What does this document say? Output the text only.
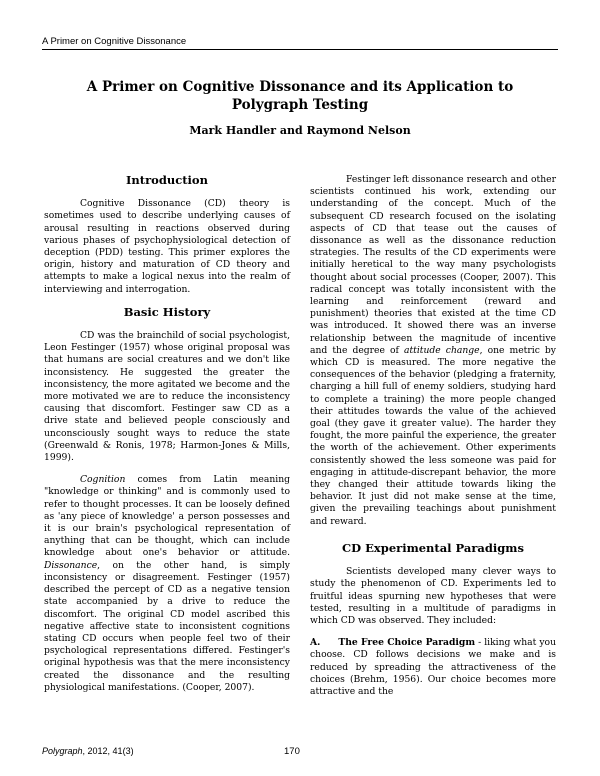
A Primer on Cognitive Dissonance
A Primer on Cognitive Dissonance and its Application to Polygraph Testing
Mark Handler and Raymond Nelson
Introduction

Cognitive Dissonance (CD) theory is sometimes used to describe underlying causes of arousal resulting in reactions observed during various phases of psychophysiological detection of deception (PDD) testing. This primer explores the origin, history and maturation of CD theory and attempts to make a logical nexus into the realm of interviewing and interrogation.

Basic History

CD was the brainchild of social psychologist, Leon Festinger (1957) whose original proposal was that humans are social creatures and we don't like inconsistency. He suggested the greater the inconsistency, the more agitated we become and the more motivated we are to reduce the inconsistency causing that discomfort. Festinger saw CD as a drive state and believed people consciously and unconsciously sought ways to reduce the state (Greenwald & Ronis, 1978; Harmon-Jones & Mills, 1999).

Cognition comes from Latin meaning "knowledge or thinking" and is commonly used to refer to thought processes. It can be loosely defined as 'any piece of knowledge' a person possesses and it is our brain's psychological representation of anything that can be thought, which can include knowledge about one's behavior or attitude. Dissonance, on the other hand, is simply inconsistency or disagreement. Festinger (1957) described the percept of CD as a negative tension state accompanied by a drive to reduce the discomfort. The original CD model ascribed this negative affective state to inconsistent cognitions stating CD occurs when people feel two of their psychological representations differed. Festinger's original hypothesis was that the mere inconsistency created the dissonance and the resulting physiological manifestations. (Cooper, 2007).

Festinger left dissonance research and other scientists continued his work, extending our understanding of the concept. Much of the subsequent CD research focused on the isolating aspects of CD that tease out the causes of dissonance as well as the dissonance reduction strategies. The results of the CD experiments were initially heretical to the way many psychologists thought about social processes (Cooper, 2007). This radical concept was totally inconsistent with the learning and reinforcement (reward and punishment) theories that existed at the time CD was introduced. It showed there was an inverse relationship between the magnitude of incentive and the degree of attitude change, one metric by which CD is measured. The more negative the consequences of the behavior (pledging a fraternity, charging a hill full of enemy soldiers, studying hard to complete a training) the more people changed their attitudes towards the value of the achieved goal (they gave it greater value). The harder they fought, the more painful the experience, the greater the worth of the achievement. Other experiments consistently showed the less someone was paid for engaging in attitude-discrepant behavior, the more they changed their attitude towards liking the behavior. It just did not make sense at the time, given the prevailing teachings about punishment and reward.

CD Experimental Paradigms

Scientists developed many clever ways to study the phenomenon of CD. Experiments led to fruitful ideas spurning new hypotheses that were tested, resulting in a multitude of paradigms in which CD was observed. They included:

A. The Free Choice Paradigm - liking what you choose. CD follows decisions we make and is reduced by spreading the attractiveness of the choices (Brehm, 1956). Our choice becomes more attractive and the

Polygraph, 2012, 41(3)	170
